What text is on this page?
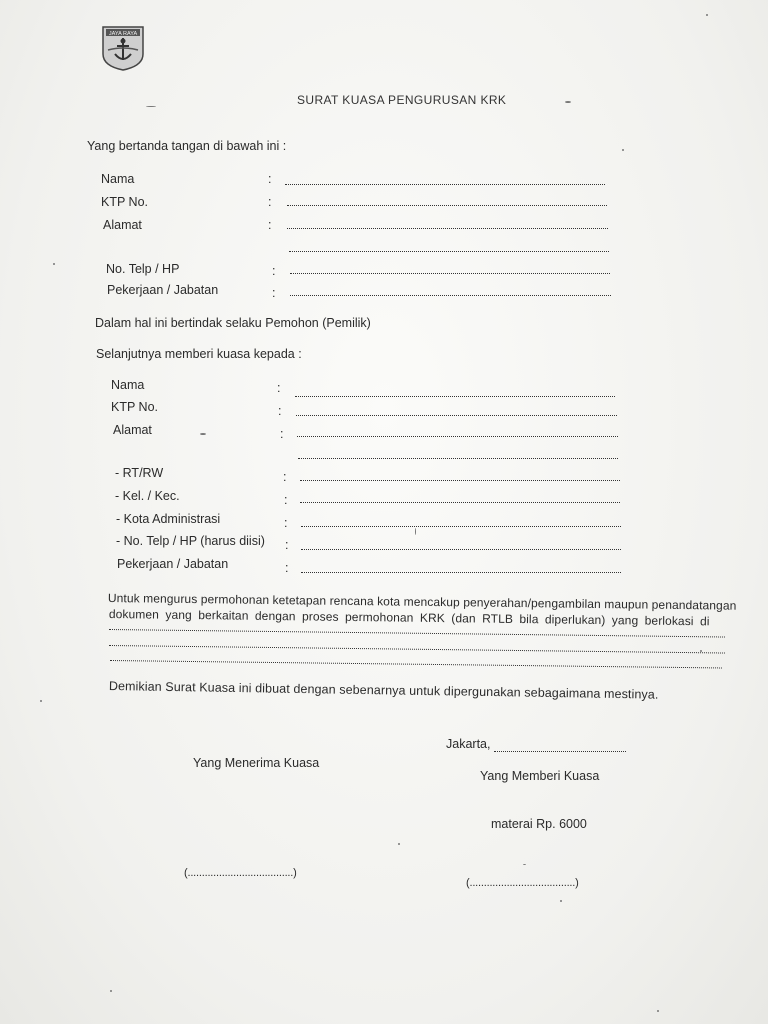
JAYA RAYA
SURAT KUASA PENGURUSAN KRK
Yang bertanda tangan di bawah ini :
Nama	:
KTP No.	:
Alamat	:
No. Telp / HP	:
Pekerjaan / Jabatan	:
Dalam hal ini bertindak selaku Pemohon (Pemilik)
Selanjutnya memberi kuasa kepada :
Nama	:
KTP No.	:
Alamat	:
- RT/RW	:
- Kel. / Kec.	:
- Kota Administrasi	:
- No. Telp / HP (harus diisi) :
Pekerjaan / Jabatan	:
Untuk mengurus permohonan ketetapan rencana kota mencakup penyerahan/pengambilan maupun penandatangan
dokumen yang berkaitan dengan proses permohonan KRK (dan RTLB bila diperlukan) yang berlokasi di
Demikian Surat Kuasa ini dibuat dengan sebenarnya untuk dipergunakan sebagaimana mestinya.
Jakarta,
Yang Menerima Kuasa
Yang Memberi Kuasa
materai Rp. 6000
(.....................................)
(.....................................)
